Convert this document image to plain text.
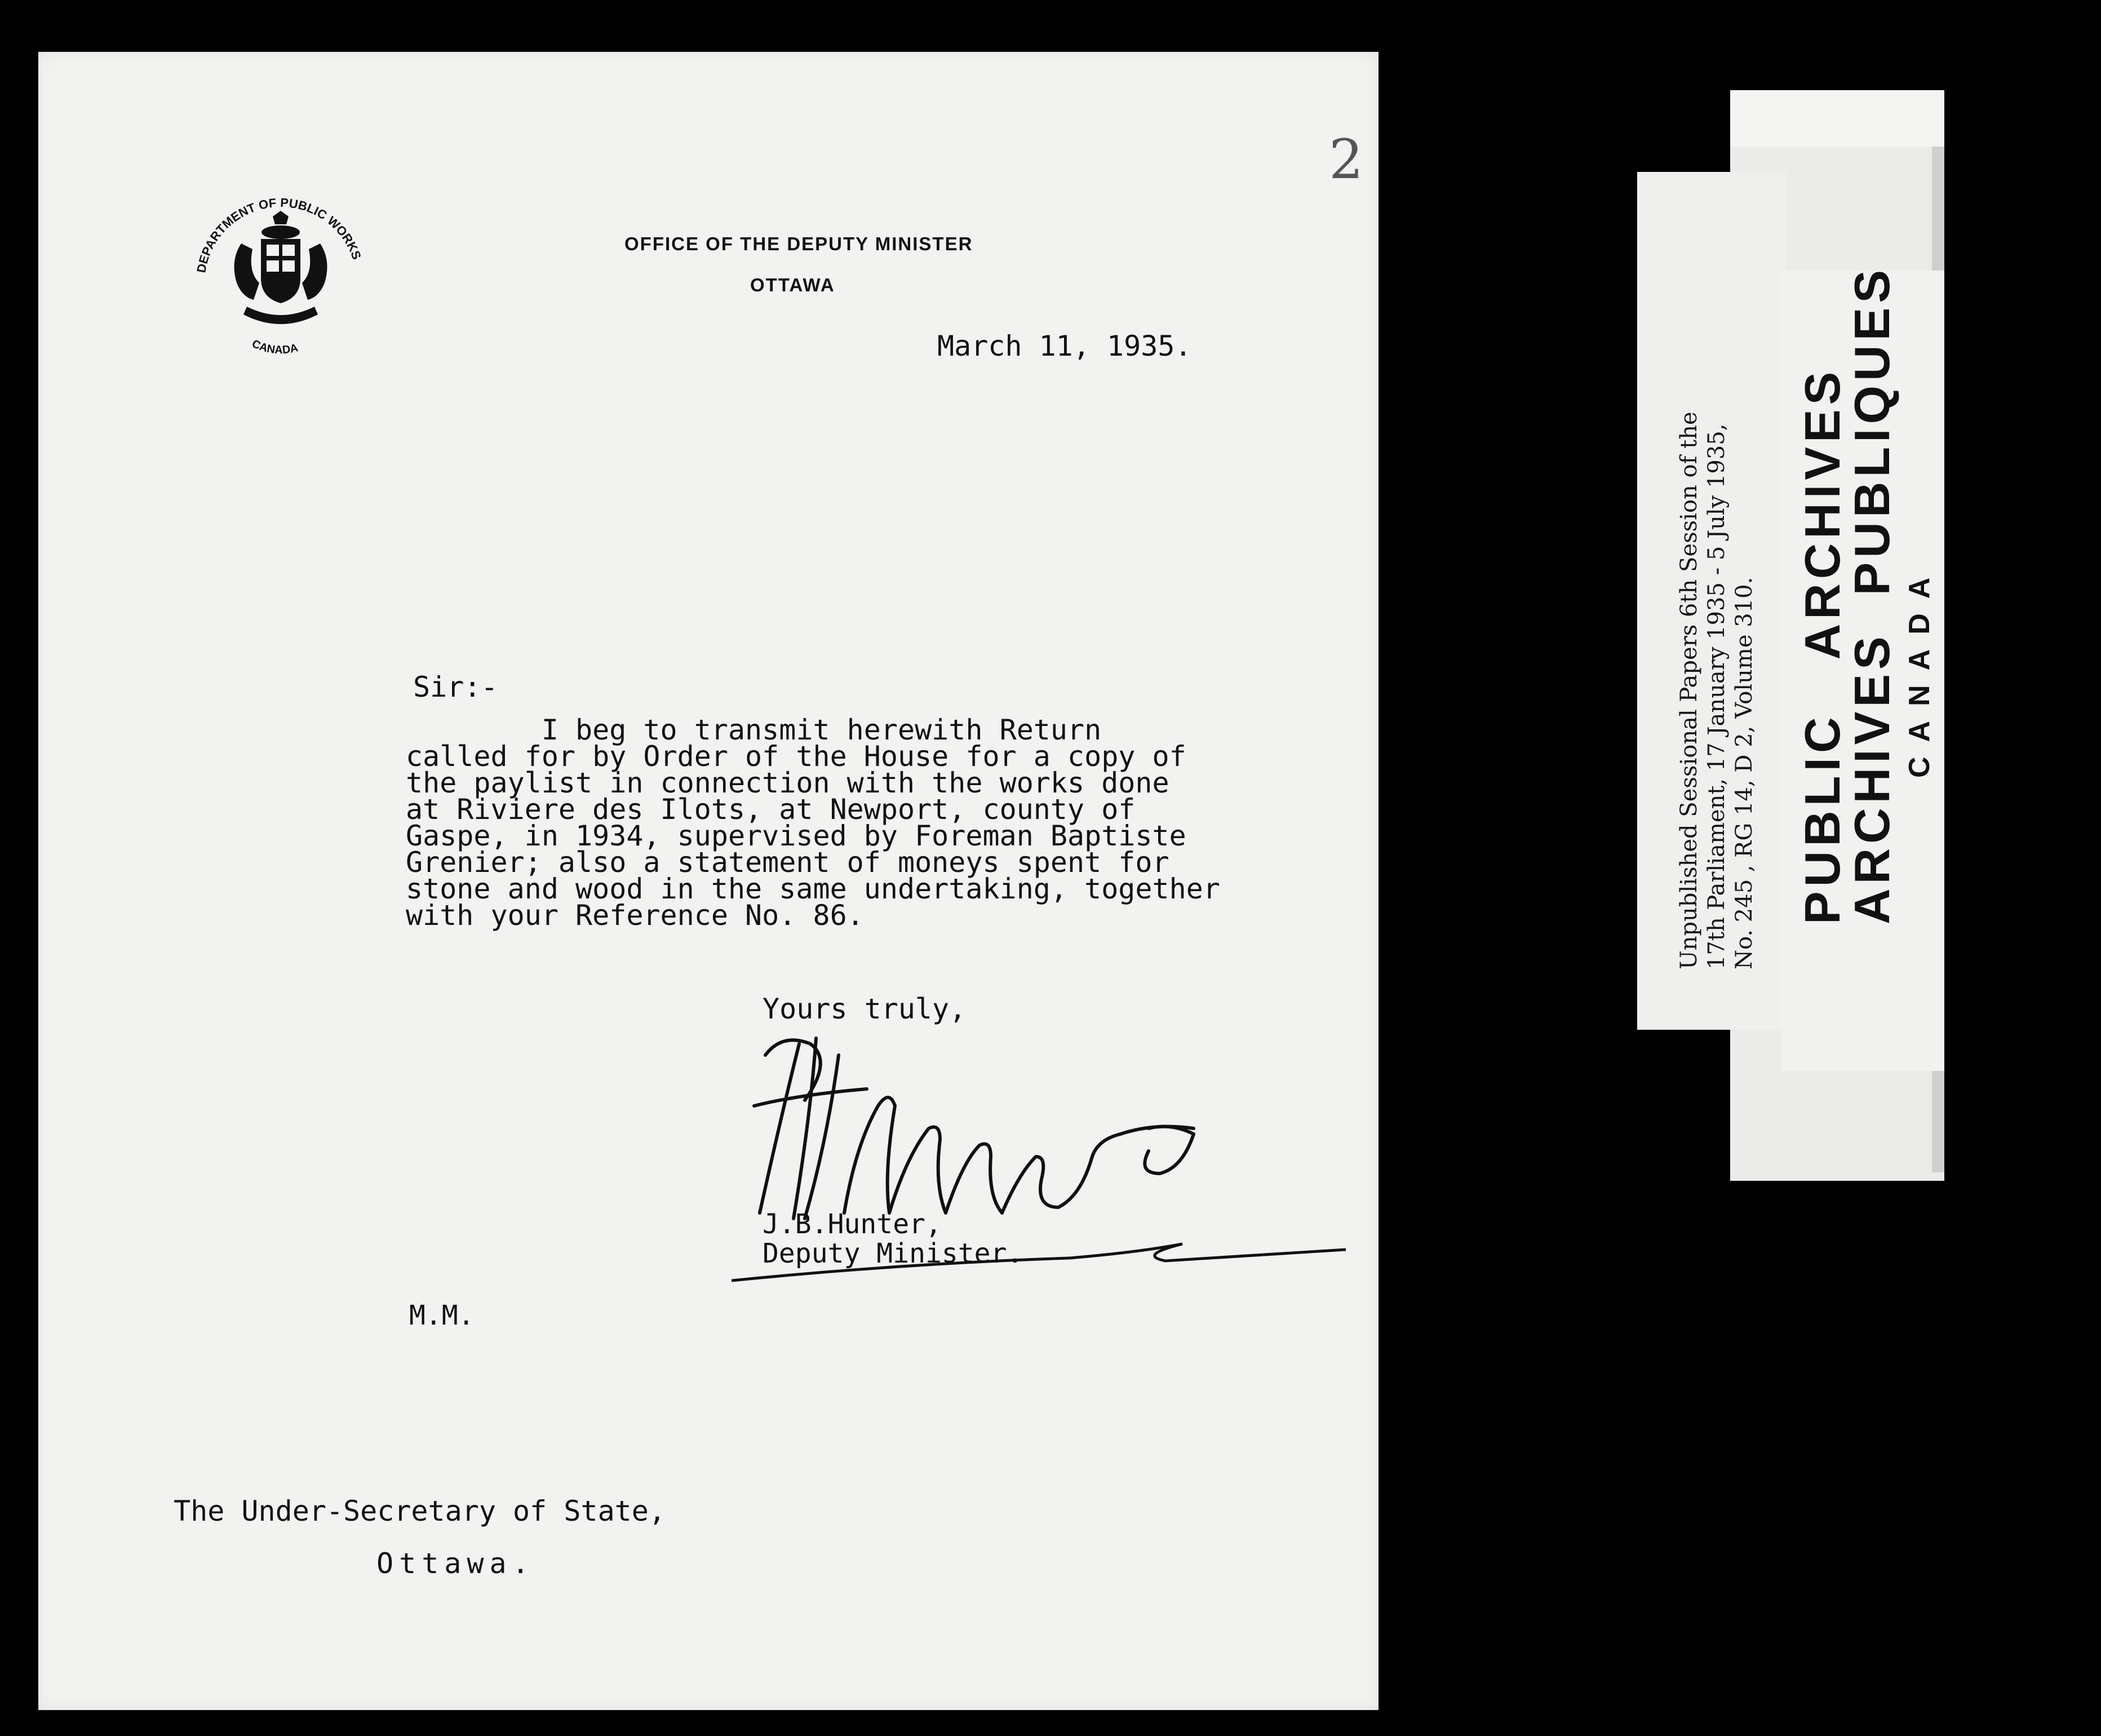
2
DEPARTMENT OF PUBLIC WORKS
CANADA
OFFICE OF THE DEPUTY MINISTER
OTTAWA
March 11, 1935.
Sir:-
I beg to transmit herewith Return
called for by Order of the House for a copy of
the paylist in connection with the works done
at Riviere des Ilots, at Newport, county of
Gaspe, in 1934, supervised by Foreman Baptiste
Grenier; also a statement of moneys spent for
stone and wood in the same undertaking, together
with your Reference No. 86.
Yours truly,
J.B.Hunter,
Deputy Minister.
M.M.
The Under-Secretary of State,
Ottawa.
Unpublished Sessional Papers 6th Session of the 17th Parliament, 17 January 1935 - 5 July 1935, No. 245 , RG 14, D 2, Volume 310. PUBLIC   ARCHIVES
ARCHIVES  PUBLIQUES CANADA
